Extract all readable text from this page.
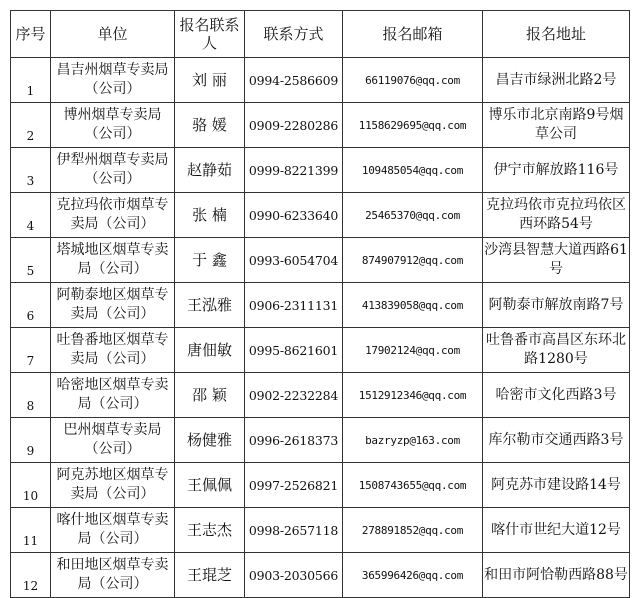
序号	单位	报名联系人	联系方式	报名邮箱	报名地址
1	昌吉州烟草专卖局（公司）	刘 丽	0994-2586609	66119076@qq.com	昌吉市绿洲北路2号
2	博州烟草专卖局（公司）	骆 媛	0909-2280286	1158629695@qq.com	博乐市北京南路9号烟草公司
3	伊犁州烟草专卖局（公司）	赵静茹	0999-8221399	109485054@qq.com	伊宁市解放路116号
4	克拉玛依市烟草专卖局（公司）	张 楠	0990-6233640	25465370@qq.com	克拉玛依市克拉玛依区西环路54号
5	塔城地区烟草专卖局（公司）	于 鑫	0993-6054704	874907912@qq.com	沙湾县智慧大道西路61号
6	阿勒泰地区烟草专卖局（公司）	王泓雅	0906-2311131	413839058@qq.com	阿勒泰市解放南路7号
7	吐鲁番地区烟草专卖局（公司）	唐佃敏	0995-8621601	17902124@qq.com	吐鲁番市高昌区东环北路1280号
8	哈密地区烟草专卖局（公司）	邵 颖	0902-2232284	1512912346@qq.com	哈密市文化西路3号
9	巴州烟草专卖局（公司）	杨健雅	0996-2618373	bazryzp@163.com	库尔勒市交通西路3号
10	阿克苏地区烟草专卖局（公司）	王佩佩	0997-2526821	1508743655@qq.com	阿克苏市建设路14号
11	喀什地区烟草专卖局（公司）	王志杰	0998-2657118	278891852@qq.com	喀什市世纪大道12号
12	和田地区烟草专卖局（公司）	王琨芝	0903-2030566	365996426@qq.com	和田市阿恰勒西路88号
